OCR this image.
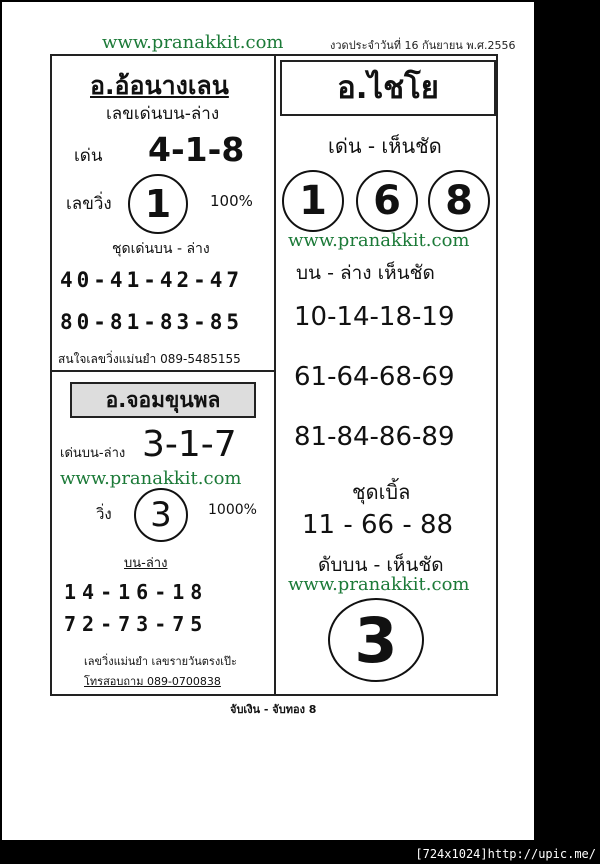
www.pranakkit.com	งวดประจำวันที่ 16 กันยายน พ.ศ.2556
อ.อ้อนางเลน
เลขเด่นบน-ล่าง
เด่น 4-1-8
เลขวิ่ง 1	100%
ชุดเด่นบน - ล่าง
40-41-42-47
80-81-83-85
สนใจเลขวิ่งแม่นยำ 089-5485155
อ.จอมขุนพล
เด่นบน-ล่าง 3-1-7
www.pranakkit.com
วิ่ง 3	1000%
บน-ล่าง
14-16-18
72-73-75
เลขวิ่งแม่นยำ เลขรายวันตรงเป๊ะ
โทรสอบถาม 089-0700838
อ.ไชโย
เด่น - เห็นชัด
1 6 8
www.pranakkit.com
บน - ล่าง เห็นชัด
10-14-18-19
61-64-68-69
81-84-86-89
ชุดเบิ้ล
11 - 66 - 88
ดับบน - เห็นชัด
www.pranakkit.com
3
จับเงิน - จับทอง 8
[724x1024]http://upic.me/
